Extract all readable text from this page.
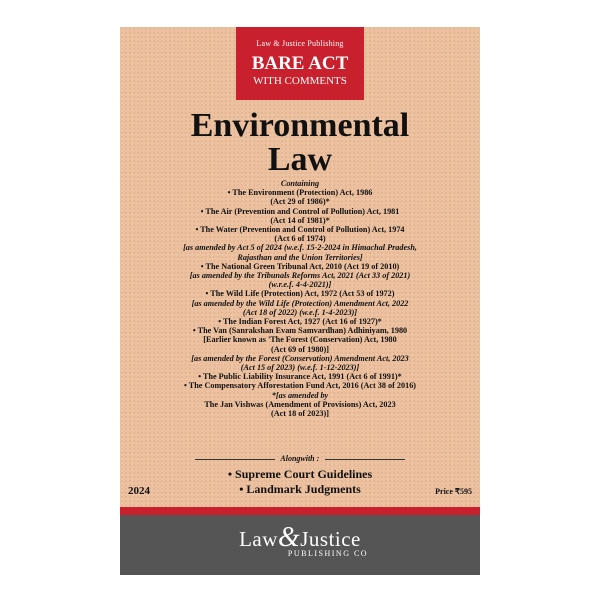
Law & Justice Publishing
BARE ACT
WITH COMMENTS
Environmental
Law
Containing
• The Environment (Protection) Act, 1986
(Act 29 of 1986)*
• The Air (Prevention and Control of Pollution) Act, 1981
(Act 14 of 1981)*
• The Water (Prevention and Control of Pollution) Act, 1974
(Act 6 of 1974)
[as amended by Act 5 of 2024 (w.e.f. 15-2-2024 in Himachal Pradesh,
Rajasthan and the Union Territories]
• The National Green Tribunal Act, 2010 (Act 19 of 2010)
[as amended by the Tribunals Reforms Act, 2021 (Act 33 of 2021)
(w.r.e.f. 4-4-2021)]
• The Wild Life (Protection) Act, 1972 (Act 53 of 1972)
[as amended by the Wild Life (Protection) Amendment Act, 2022
(Act 18 of 2022) (w.e.f. 1-4-2023)]
• The Indian Forest Act, 1927 (Act 16 of 1927)*
• The Van (Sanrakshan Evam Samvardhan) Adhiniyam, 1980
[Earlier known as 'The Forest (Conservation) Act, 1980
(Act 69 of 1980)]
[as amended by the Forest (Conservation) Amendment Act, 2023
(Act 15 of 2023) (w.e.f. 1-12-2023)]
• The Public Liability Insurance Act, 1991 (Act 6 of 1991)*
• The Compensatory Afforestation Fund Act, 2016 (Act 38 of 2016)
*[as amended by
The Jan Vishwas (Amendment of Provisions) Act, 2023
(Act 18 of 2023)]
Alongwith :
• Supreme Court Guidelines
• Landmark Judgments
2024	Price ₹595
Law&Justice
PUBLISHING CO
